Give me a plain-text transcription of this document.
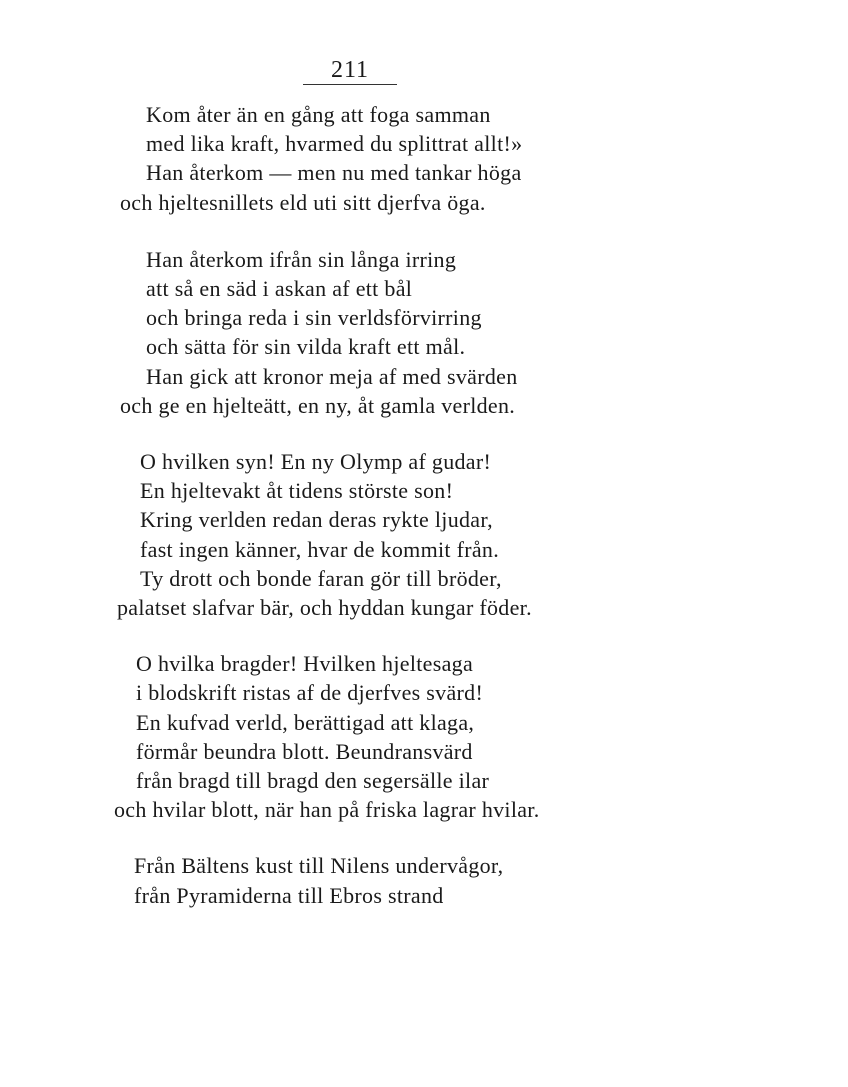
211
Kom åter än en gång att foga samman
med lika kraft, hvarmed du splittrat allt!»
Han återkom — men nu med tankar höga
och hjeltesnillets eld uti sitt djerfva öga.
Han återkom ifrån sin långa irring
att så en säd i askan af ett bål
och bringa reda i sin verldsförvirring
och sätta för sin vilda kraft ett mål.
Han gick att kronor meja af med svärden
och ge en hjelteätt, en ny, åt gamla verlden.
O hvilken syn! En ny Olymp af gudar!
En hjeltevakt åt tidens störste son!
Kring verlden redan deras rykte ljudar,
fast ingen känner, hvar de kommit från.
Ty drott och bonde faran gör till bröder,
palatset slafvar bär, och hyddan kungar föder.
O hvilka bragder! Hvilken hjeltesaga
i blodskrift ristas af de djerfves svärd!
En kufvad verld, berättigad att klaga,
förmår beundra blott. Beundransvärd
från bragd till bragd den segersälle ilar
och hvilar blott, när han på friska lagrar hvilar.
Från Bältens kust till Nilens undervågor,
från Pyramiderna till Ebros strand
